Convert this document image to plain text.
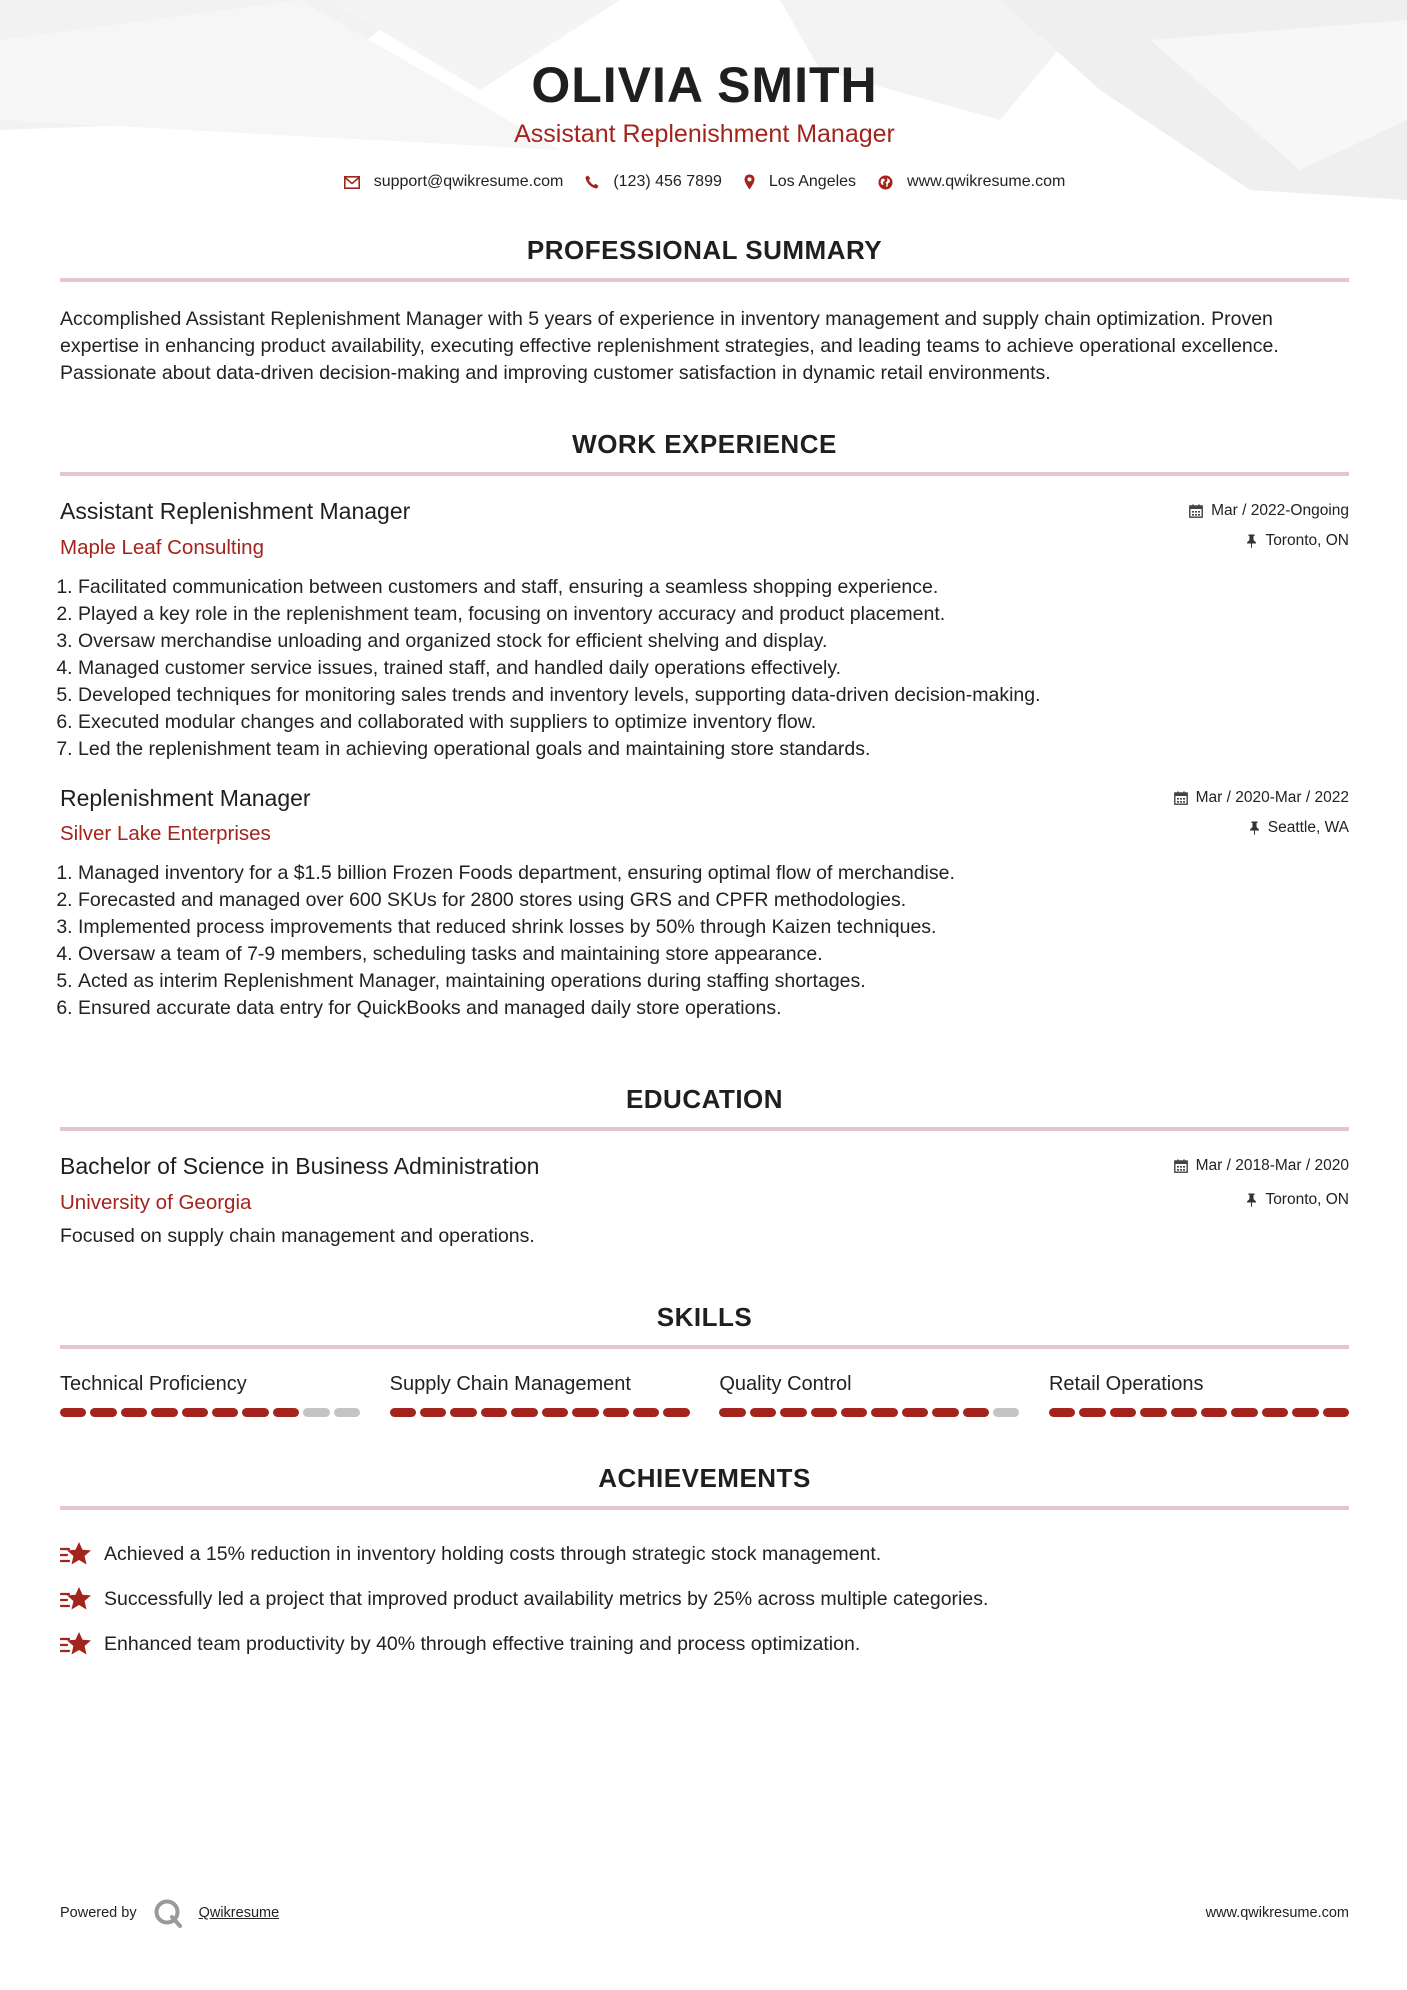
OLIVIA SMITH
Assistant Replenishment Manager
support@qwikresume.com	(123) 456 7899	Los Angeles	www.qwikresume.com
PROFESSIONAL SUMMARY
Accomplished Assistant Replenishment Manager with 5 years of experience in inventory management and supply chain optimization. Proven expertise in enhancing product availability, executing effective replenishment strategies, and leading teams to achieve operational excellence. Passionate about data-driven decision-making and improving customer satisfaction in dynamic retail environments.
WORK EXPERIENCE
Assistant Replenishment Manager
Maple Leaf Consulting
Mar / 2022-Ongoing
Toronto, ON
1. Facilitated communication between customers and staff, ensuring a seamless shopping experience.
2. Played a key role in the replenishment team, focusing on inventory accuracy and product placement.
3. Oversaw merchandise unloading and organized stock for efficient shelving and display.
4. Managed customer service issues, trained staff, and handled daily operations effectively.
5. Developed techniques for monitoring sales trends and inventory levels, supporting data-driven decision-making.
6. Executed modular changes and collaborated with suppliers to optimize inventory flow.
7. Led the replenishment team in achieving operational goals and maintaining store standards.
Replenishment Manager
Silver Lake Enterprises
Mar / 2020-Mar / 2022
Seattle, WA
1. Managed inventory for a $1.5 billion Frozen Foods department, ensuring optimal flow of merchandise.
2. Forecasted and managed over 600 SKUs for 2800 stores using GRS and CPFR methodologies.
3. Implemented process improvements that reduced shrink losses by 50% through Kaizen techniques.
4. Oversaw a team of 7-9 members, scheduling tasks and maintaining store appearance.
5. Acted as interim Replenishment Manager, maintaining operations during staffing shortages.
6. Ensured accurate data entry for QuickBooks and managed daily store operations.
EDUCATION
Bachelor of Science in Business Administration
University of Georgia
Mar / 2018-Mar / 2020
Toronto, ON
Focused on supply chain management and operations.
SKILLS
Technical Proficiency	Supply Chain Management	Quality Control	Retail Operations
ACHIEVEMENTS
Achieved a 15% reduction in inventory holding costs through strategic stock management.
Successfully led a project that improved product availability metrics by 25% across multiple categories.
Enhanced team productivity by 40% through effective training and process optimization.
Powered by	Qwikresume	www.qwikresume.com
